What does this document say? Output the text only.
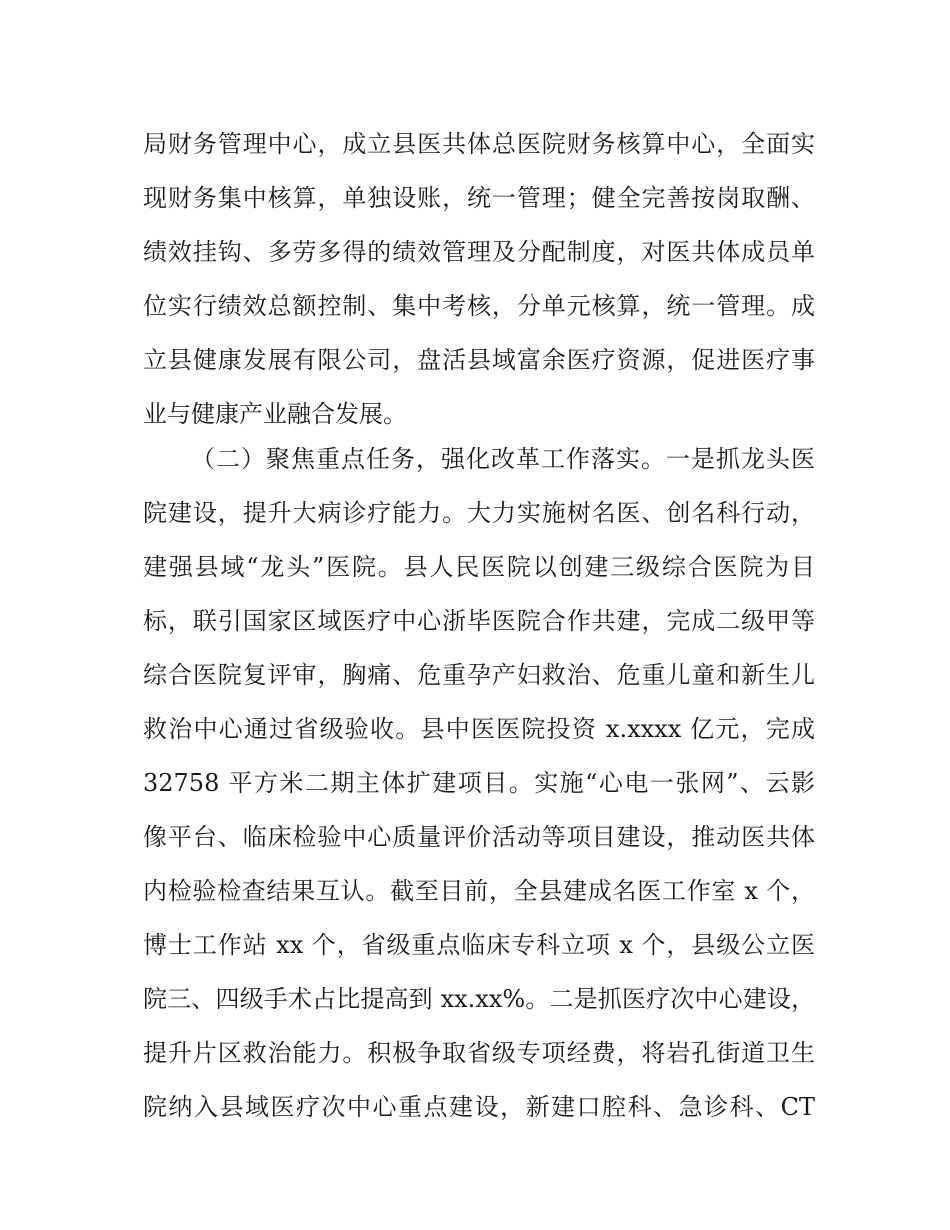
局财务管理中心，成立县医共体总医院财务核算中心，全面实
现财务集中核算，单独设账，统一管理；健全完善按岗取酬、
绩效挂钩、多劳多得的绩效管理及分配制度，对医共体成员单
位实行绩效总额控制、集中考核，分单元核算，统一管理。成
立县健康发展有限公司，盘活县域富余医疗资源，促进医疗事
业与健康产业融合发展。
（二）聚焦重点任务，强化改革工作落实。一是抓龙头医
院建设，提升大病诊疗能力。大力实施树名医、创名科行动，
建强县域“龙头”医院。县人民医院以创建三级综合医院为目
标，联引国家区域医疗中心浙毕医院合作共建，完成二级甲等
综合医院复评审，胸痛、危重孕产妇救治、危重儿童和新生儿
救治中心通过省级验收。县中医医院投资 x.xxxx 亿元，完成
32758 平方米二期主体扩建项目。实施“心电一张网”、云影
像平台、临床检验中心质量评价活动等项目建设，推动医共体
内检验检查结果互认。截至目前，全县建成名医工作室 x 个，
博士工作站 xx 个，省级重点临床专科立项 x 个，县级公立医
院三、四级手术占比提高到 xx.xx%。二是抓医疗次中心建设，
提升片区救治能力。积极争取省级专项经费，将岩孔街道卫生
院纳入县域医疗次中心重点建设，新建口腔科、急诊科、CT
